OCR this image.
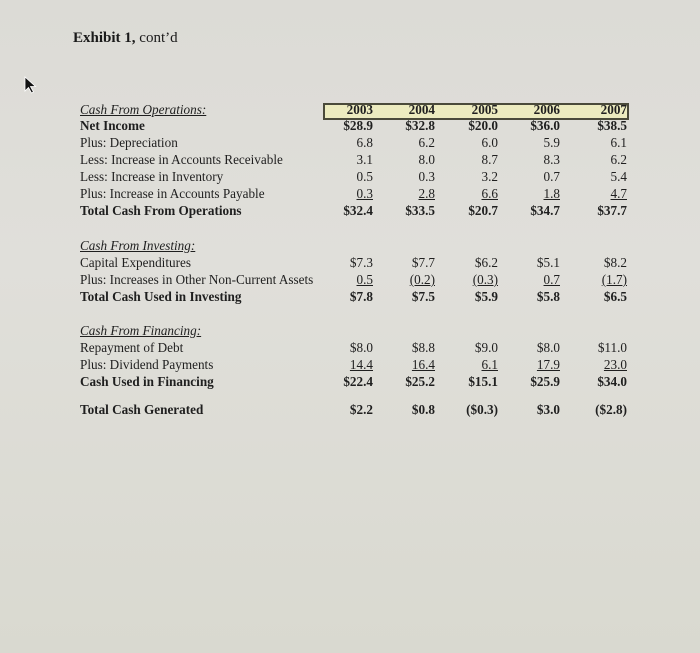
Exhibit 1, cont’d
Cash From Operations:	2003	2004	2005	2006	2007
Net Income	$28.9	$32.8	$20.0	$36.0	$38.5
Plus: Depreciation	6.8	6.2	6.0	5.9	6.1
Less: Increase in Accounts Receivable	3.1	8.0	8.7	8.3	6.2
Less: Increase in Inventory	0.5	0.3	3.2	0.7	5.4
Plus: Increase in Accounts Payable	0.3	2.8	6.6	1.8	4.7
Total Cash From Operations	$32.4	$33.5	$20.7	$34.7	$37.7
Cash From Investing:
Capital Expenditures	$7.3	$7.7	$6.2	$5.1	$8.2
Plus: Increases in Other Non-Current Assets	0.5	(0.2)	(0.3)	0.7	(1.7)
Total Cash Used in Investing	$7.8	$7.5	$5.9	$5.8	$6.5
Cash From Financing:
Repayment of Debt	$8.0	$8.8	$9.0	$8.0	$11.0
Plus: Dividend Payments	14.4	16.4	6.1	17.9	23.0
Cash Used in Financing	$22.4	$25.2	$15.1	$25.9	$34.0
Total Cash Generated	$2.2	$0.8	($0.3)	$3.0	($2.8)
